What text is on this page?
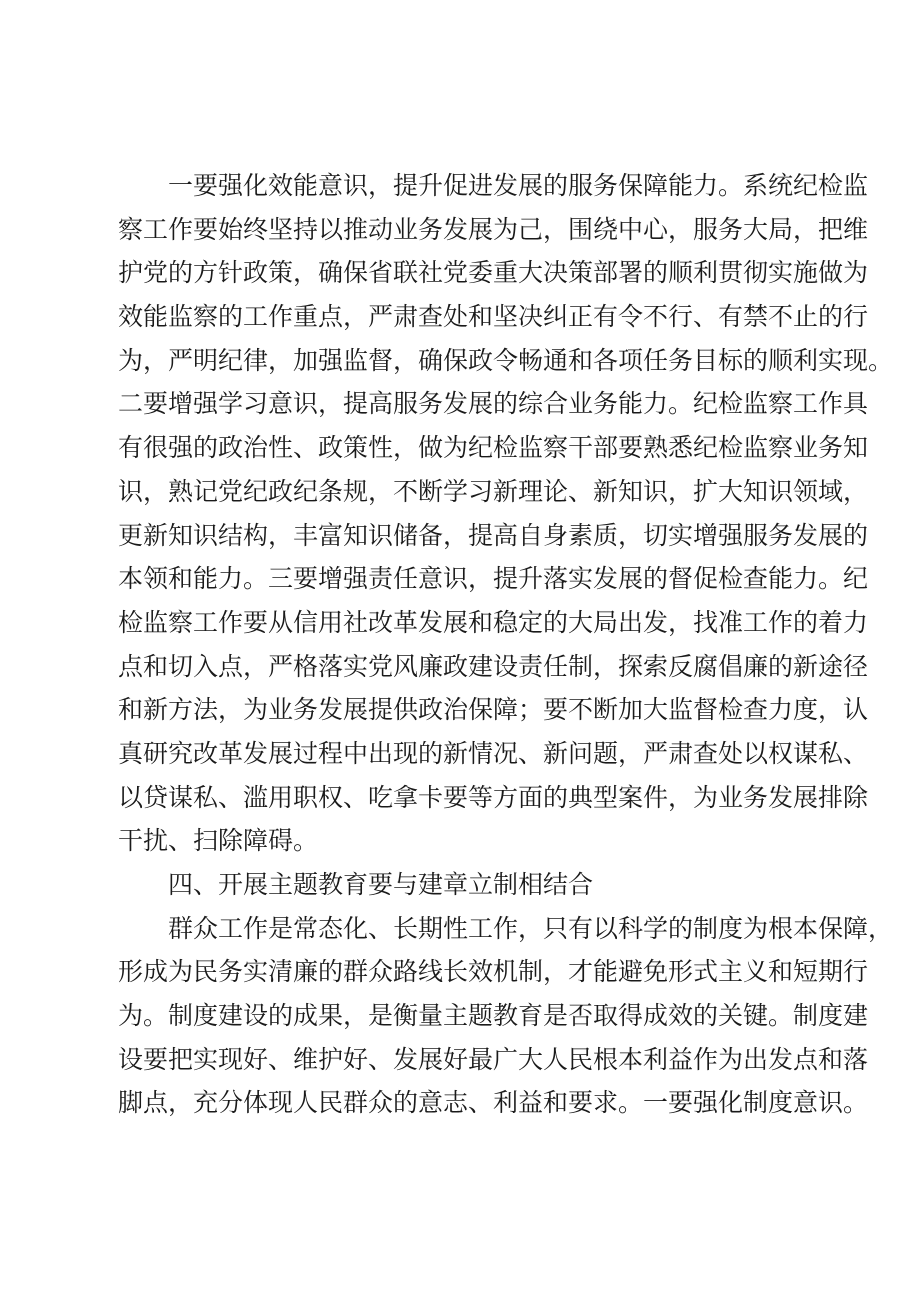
一要强化效能意识，提升促进发展的服务保障能力。系统纪检监
察工作要始终坚持以推动业务发展为己，围绕中心，服务大局，把维
护党的方针政策，确保省联社党委重大决策部署的顺利贯彻实施做为
效能监察的工作重点，严肃查处和坚决纠正有令不行、有禁不止的行
为，严明纪律，加强监督，确保政令畅通和各项任务目标的顺利实现。
二要增强学习意识，提高服务发展的综合业务能力。纪检监察工作具
有很强的政治性、政策性，做为纪检监察干部要熟悉纪检监察业务知
识，熟记党纪政纪条规，不断学习新理论、新知识，扩大知识领域，
更新知识结构，丰富知识储备，提高自身素质，切实增强服务发展的
本领和能力。三要增强责任意识，提升落实发展的督促检查能力。纪
检监察工作要从信用社改革发展和稳定的大局出发，找准工作的着力
点和切入点，严格落实党风廉政建设责任制，探索反腐倡廉的新途径
和新方法，为业务发展提供政治保障；要不断加大监督检查力度，认
真研究改革发展过程中出现的新情况、新问题，严肃查处以权谋私、
以贷谋私、滥用职权、吃拿卡要等方面的典型案件，为业务发展排除
干扰、扫除障碍。
四、开展主题教育要与建章立制相结合
群众工作是常态化、长期性工作，只有以科学的制度为根本保障，
形成为民务实清廉的群众路线长效机制，才能避免形式主义和短期行
为。制度建设的成果，是衡量主题教育是否取得成效的关键。制度建
设要把实现好、维护好、发展好最广大人民根本利益作为出发点和落
脚点，充分体现人民群众的意志、利益和要求。一要强化制度意识。
